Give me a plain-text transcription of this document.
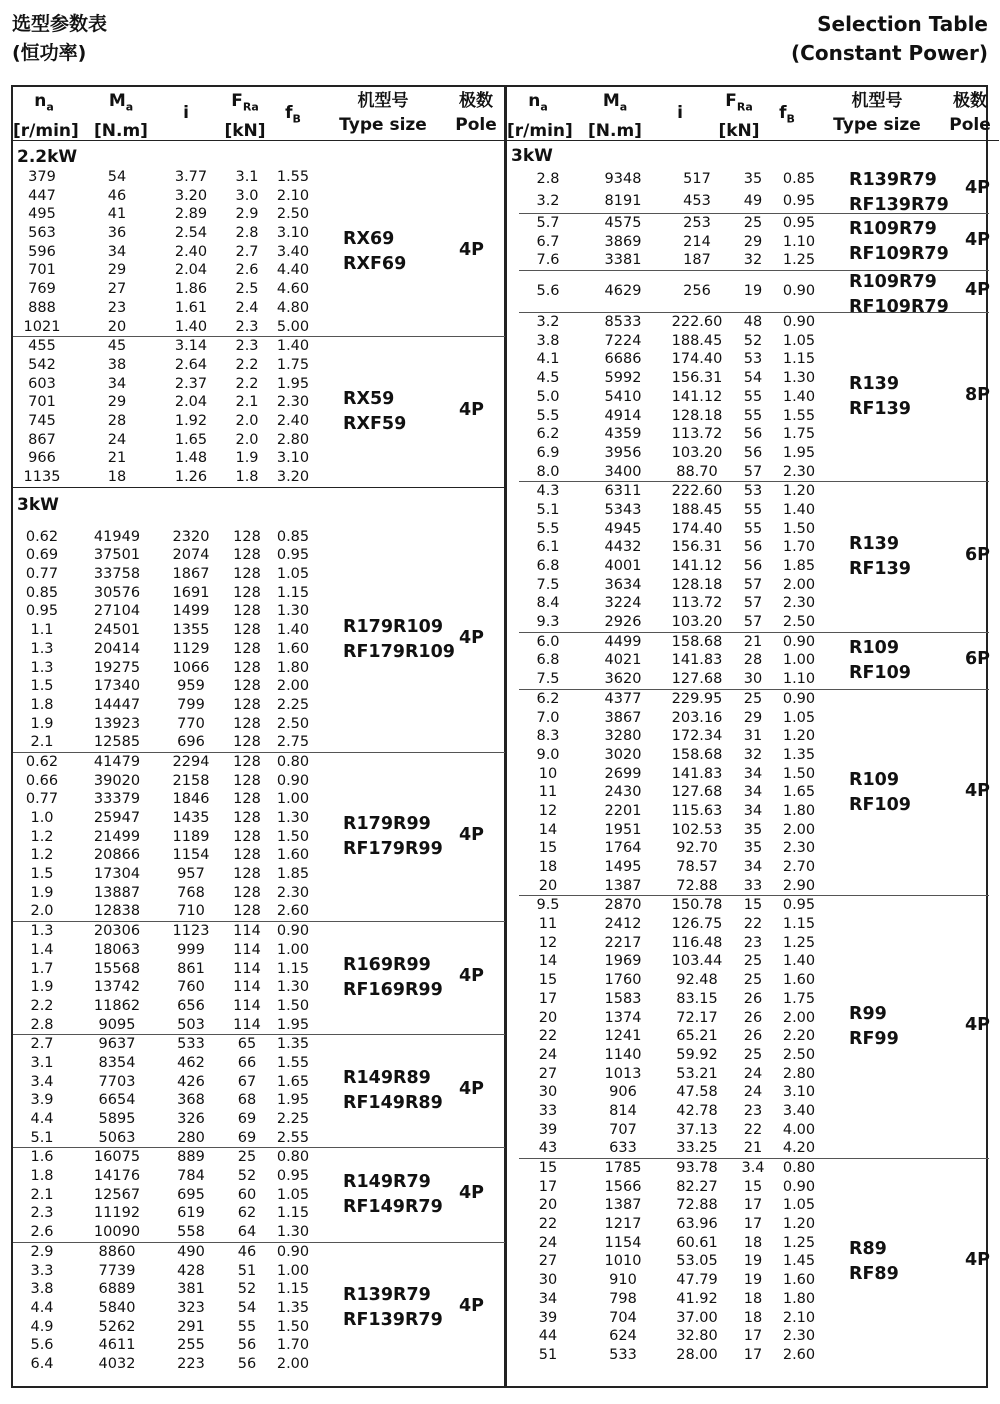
选型参数表
(恒功率)
Selection Table
(Constant Power)
$n_a$
[r/min]
$M_a$
[N.m]
i
$F_{Ra}$
[kN]
$f_B$
机型号
Type size
极数
Pole
2.2kW
379	54	3.77	3.1	1.55
447	46	3.20	3.0	2.10
495	41	2.89	2.9	2.50
563	36	2.54	2.8	3.10
596	34	2.40	2.7	3.40
701	29	2.04	2.6	4.40
769	27	1.86	2.5	4.60
888	23	1.61	2.4	4.80
1021	20	1.40	2.3	5.00
RX69
RXF69
4P
455	45	3.14	2.3	1.40
542	38	2.64	2.2	1.75
603	34	2.37	2.2	1.95
701	29	2.04	2.1	2.30
745	28	1.92	2.0	2.40
867	24	1.65	2.0	2.80
966	21	1.48	1.9	3.10
1135	18	1.26	1.8	3.20
RX59
RXF59
4P
3kW
0.62	41949	2320	128	0.85
0.69	37501	2074	128	0.95
0.77	33758	1867	128	1.05
0.85	30576	1691	128	1.15
0.95	27104	1499	128	1.30
1.1	24501	1355	128	1.40
1.3	20414	1129	128	1.60
1.3	19275	1066	128	1.80
1.5	17340	959	128	2.00
1.8	14447	799	128	2.25
1.9	13923	770	128	2.50
2.1	12585	696	128	2.75
R179R109
RF179R109
4P
0.62	41479	2294	128	0.80
0.66	39020	2158	128	0.90
0.77	33379	1846	128	1.00
1.0	25947	1435	128	1.30
1.2	21499	1189	128	1.50
1.2	20866	1154	128	1.60
1.5	17304	957	128	1.85
1.9	13887	768	128	2.30
2.0	12838	710	128	2.60
R179R99
RF179R99
4P
1.3	20306	1123	114	0.90
1.4	18063	999	114	1.00
1.7	15568	861	114	1.15
1.9	13742	760	114	1.30
2.2	11862	656	114	1.50
2.8	9095	503	114	1.95
R169R99
RF169R99
4P
2.7	9637	533	65	1.35
3.1	8354	462	66	1.55
3.4	7703	426	67	1.65
3.9	6654	368	68	1.95
4.4	5895	326	69	2.25
5.1	5063	280	69	2.55
R149R89
RF149R89
4P
1.6	16075	889	25	0.80
1.8	14176	784	52	0.95
2.1	12567	695	60	1.05
2.3	11192	619	62	1.15
2.6	10090	558	64	1.30
R149R79
RF149R79
4P
2.9	8860	490	46	0.90
3.3	7739	428	51	1.00
3.8	6889	381	52	1.15
4.4	5840	323	54	1.35
4.9	5262	291	55	1.50
5.6	4611	255	56	1.70
6.4	4032	223	56	2.00
R139R79
RF139R79
4P
$n_a$
[r/min]
$M_a$
[N.m]
i
$F_{Ra}$
[kN]
$f_B$
机型号
Type size
极数
Pole
3kW
2.8	9348	517	35	0.85
3.2	8191	453	49	0.95
R139R79
RF139R79
4P
5.7	4575	253	25	0.95
6.7	3869	214	29	1.10
7.6	3381	187	32	1.25
R109R79
RF109R79
4P
5.6	4629	256	19	0.90	R109R79
RF109R79
4P
3.2	8533	222.60	48	0.90
3.8	7224	188.45	52	1.05
4.1	6686	174.40	53	1.15
4.5	5992	156.31	54	1.30
5.0	5410	141.12	55	1.40
5.5	4914	128.18	55	1.55
6.2	4359	113.72	56	1.75
6.9	3956	103.20	56	1.95
8.0	3400	88.70	57	2.30
R139
RF139
8P
4.3	6311	222.60	53	1.20
5.1	5343	188.45	55	1.40
5.5	4945	174.40	55	1.50
6.1	4432	156.31	56	1.70
6.8	4001	141.12	56	1.85
7.5	3634	128.18	57	2.00
8.4	3224	113.72	57	2.30
9.3	2926	103.20	57	2.50
R139
RF139
6P
6.0	4499	158.68	21	0.90
6.8	4021	141.83	28	1.00
7.5	3620	127.68	30	1.10
R109
RF109
6P
6.2	4377	229.95	25	0.90
7.0	3867	203.16	29	1.05
8.3	3280	172.34	31	1.20
9.0	3020	158.68	32	1.35
10	2699	141.83	34	1.50
11	2430	127.68	34	1.65
12	2201	115.63	34	1.80
14	1951	102.53	35	2.00
15	1764	92.70	35	2.30
18	1495	78.57	34	2.70
20	1387	72.88	33	2.90
R109
RF109
4P
9.5	2870	150.78	15	0.95
11	2412	126.75	22	1.15
12	2217	116.48	23	1.25
14	1969	103.44	25	1.40
15	1760	92.48	25	1.60
17	1583	83.15	26	1.75
20	1374	72.17	26	2.00
22	1241	65.21	26	2.20
24	1140	59.92	25	2.50
27	1013	53.21	24	2.80
30	906	47.58	24	3.10
33	814	42.78	23	3.40
39	707	37.13	22	4.00
43	633	33.25	21	4.20
R99
RF99
4P
15	1785	93.78	3.4	0.80
17	1566	82.27	15	0.90
20	1387	72.88	17	1.05
22	1217	63.96	17	1.20
24	1154	60.61	18	1.25
27	1010	53.05	19	1.45
30	910	47.79	19	1.60
34	798	41.92	18	1.80
39	704	37.00	18	2.10
44	624	32.80	17	2.30
51	533	28.00	17	2.60
R89
RF89
4P
